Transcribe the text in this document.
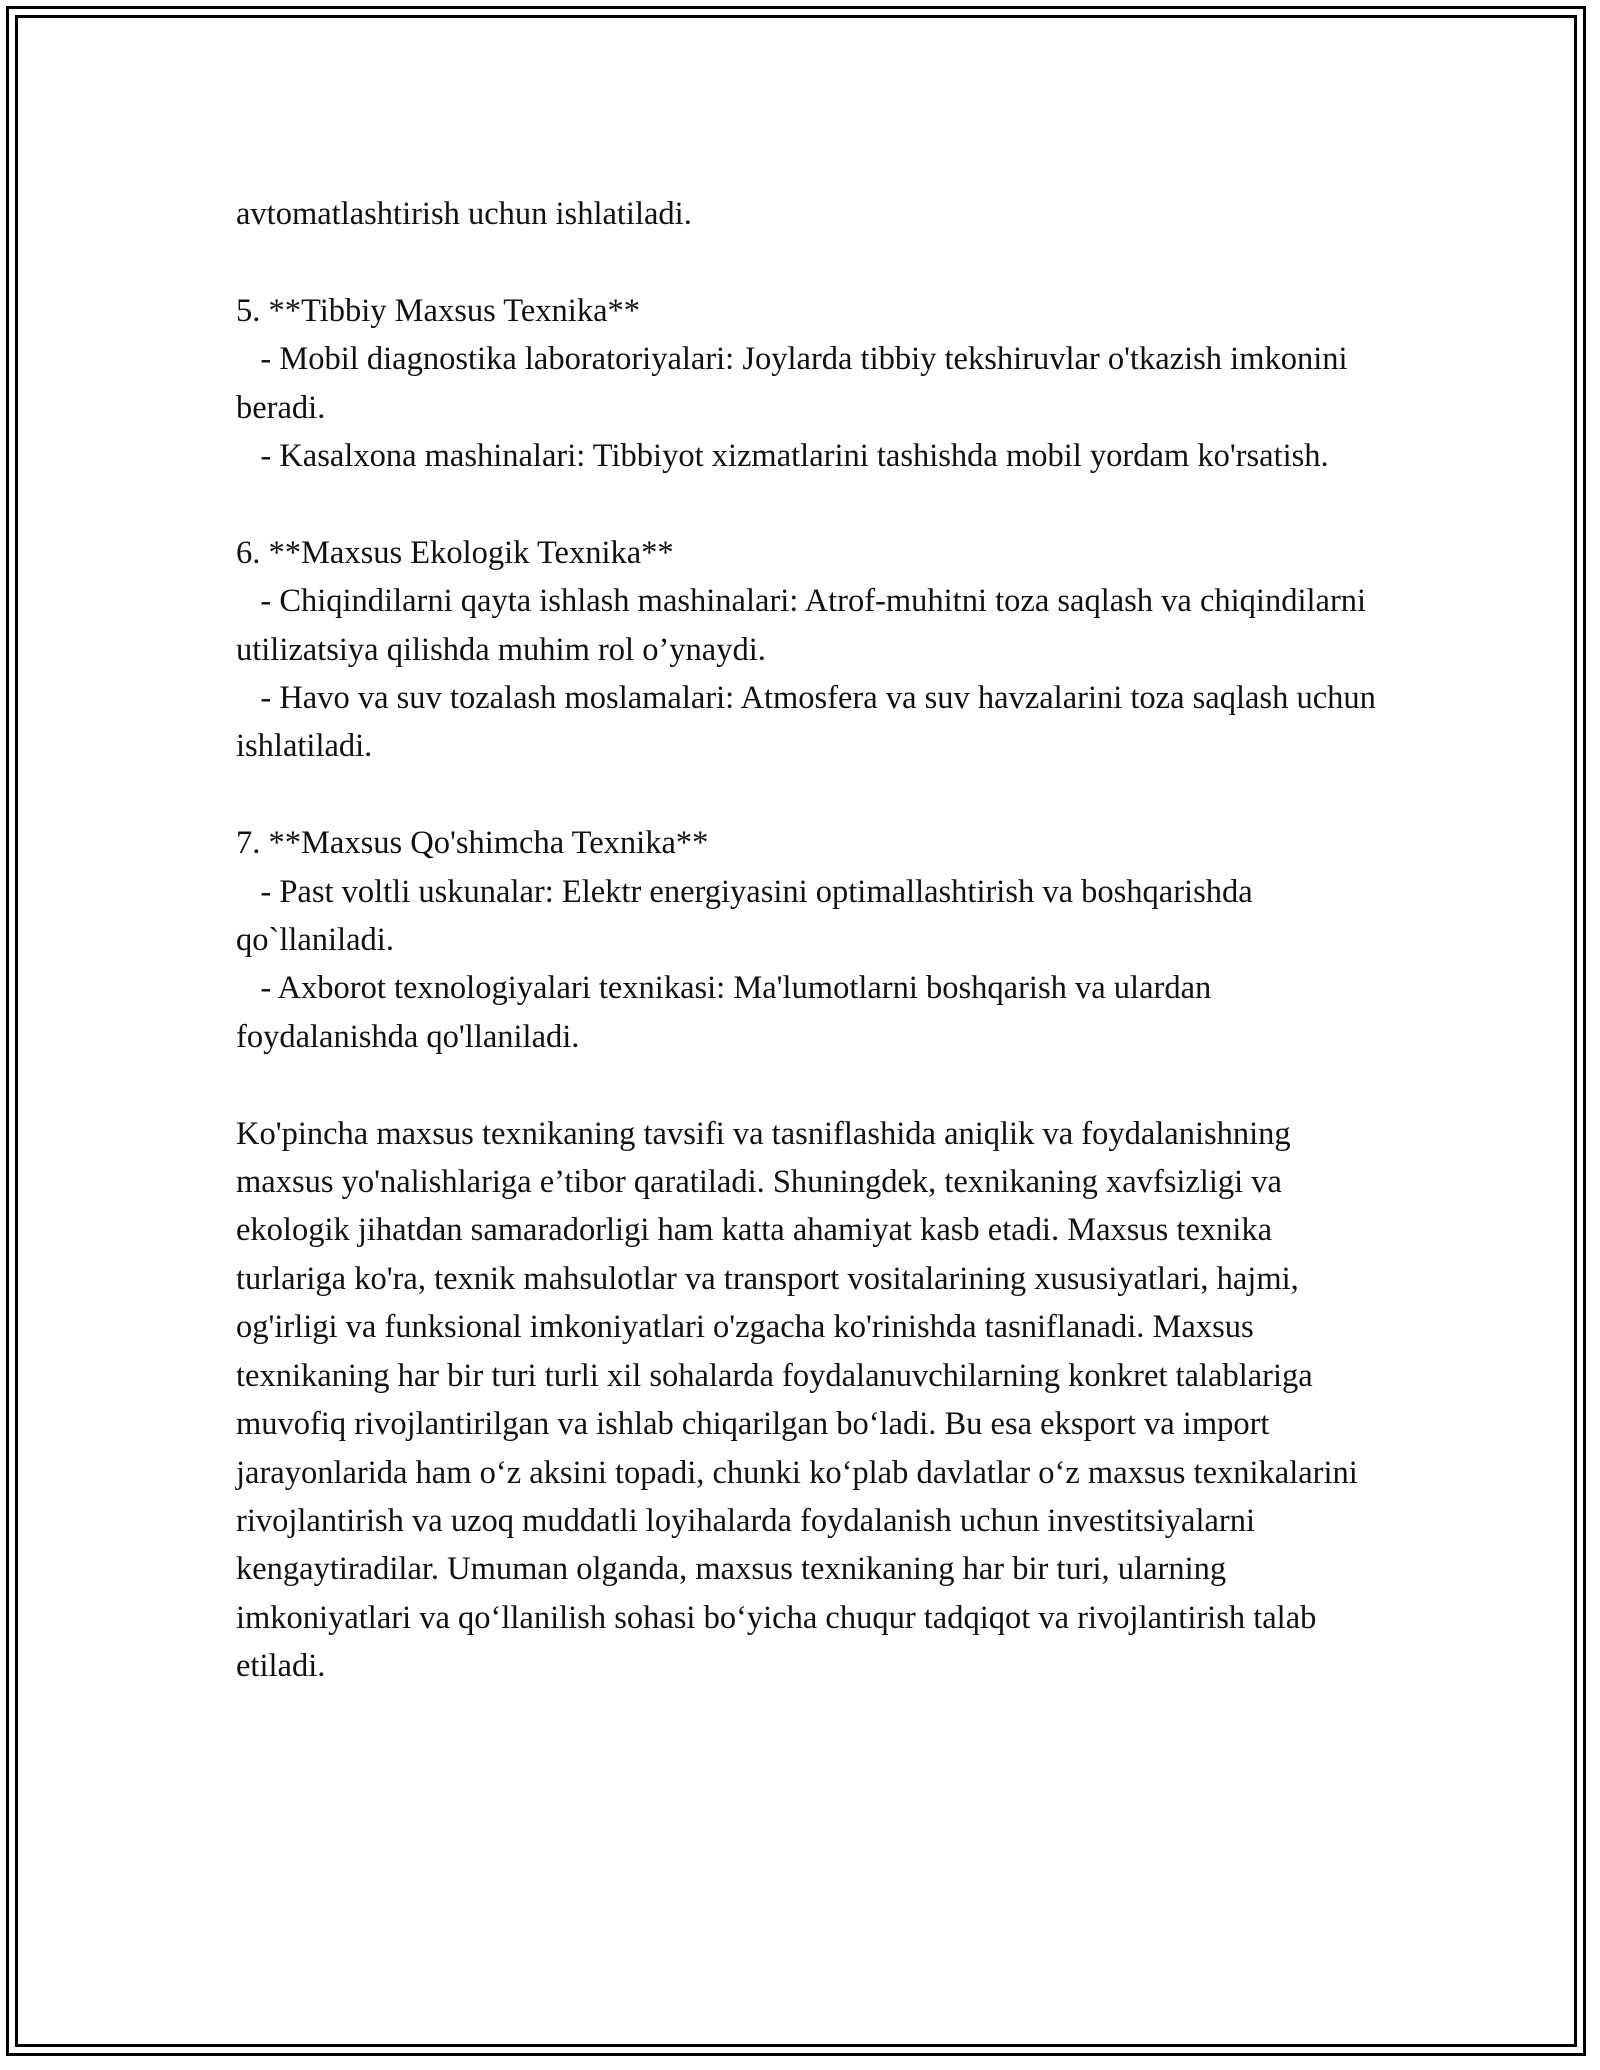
avtomatlashtirish uchun ishlatiladi.

5. **Tibbiy Maxsus Texnika**

- Mobil diagnostika laboratoriyalari: Joylarda tibbiy tekshiruvlar o'tkazish imkonini beradi.

- Kasalxona mashinalari: Tibbiyot xizmatlarini tashishda mobil yordam ko'rsatish.

6. **Maxsus Ekologik Texnika**

- Chiqindilarni qayta ishlash mashinalari: Atrof-muhitni toza saqlash va chiqindilarni utilizatsiya qilishda muhim rol o’ynaydi.

- Havo va suv tozalash moslamalari: Atmosfera va suv havzalarini toza saqlash uchun ishlatiladi.

7. **Maxsus Qo'shimcha Texnika**

- Past voltli uskunalar: Elektr energiyasini optimallashtirish va boshqarishda qo`llaniladi.

- Axborot texnologiyalari texnikasi: Ma'lumotlarni boshqarish va ulardan foydalanishda qo'llaniladi.

Ko'pincha maxsus texnikaning tavsifi va tasniflashida aniqlik va foydalanishning maxsus yo'nalishlariga e’tibor qaratiladi. Shuningdek, texnikaning xavfsizligi va ekologik jihatdan samaradorligi ham katta ahamiyat kasb etadi. Maxsus texnika turlariga ko'ra, texnik mahsulotlar va transport vositalarining xususiyatlari, hajmi, og'irligi va funksional imkoniyatlari o'zgacha ko'rinishda tasniflanadi. Maxsus texnikaning har bir turi turli xil sohalarda foydalanuvchilarning konkret talablariga muvofiq rivojlantirilgan va ishlab chiqarilgan bo‘ladi. Bu esa eksport va import jarayonlarida ham o‘z aksini topadi, chunki ko‘plab davlatlar o‘z maxsus texnikalarini rivojlantirish va uzoq muddatli loyihalarda foydalanish uchun investitsiyalarni kengaytiradilar. Umuman olganda, maxsus texnikaning har bir turi, ularning imkoniyatlari va qo‘llanilish sohasi bo‘yicha chuqur tadqiqot va rivojlantirish talab etiladi.
